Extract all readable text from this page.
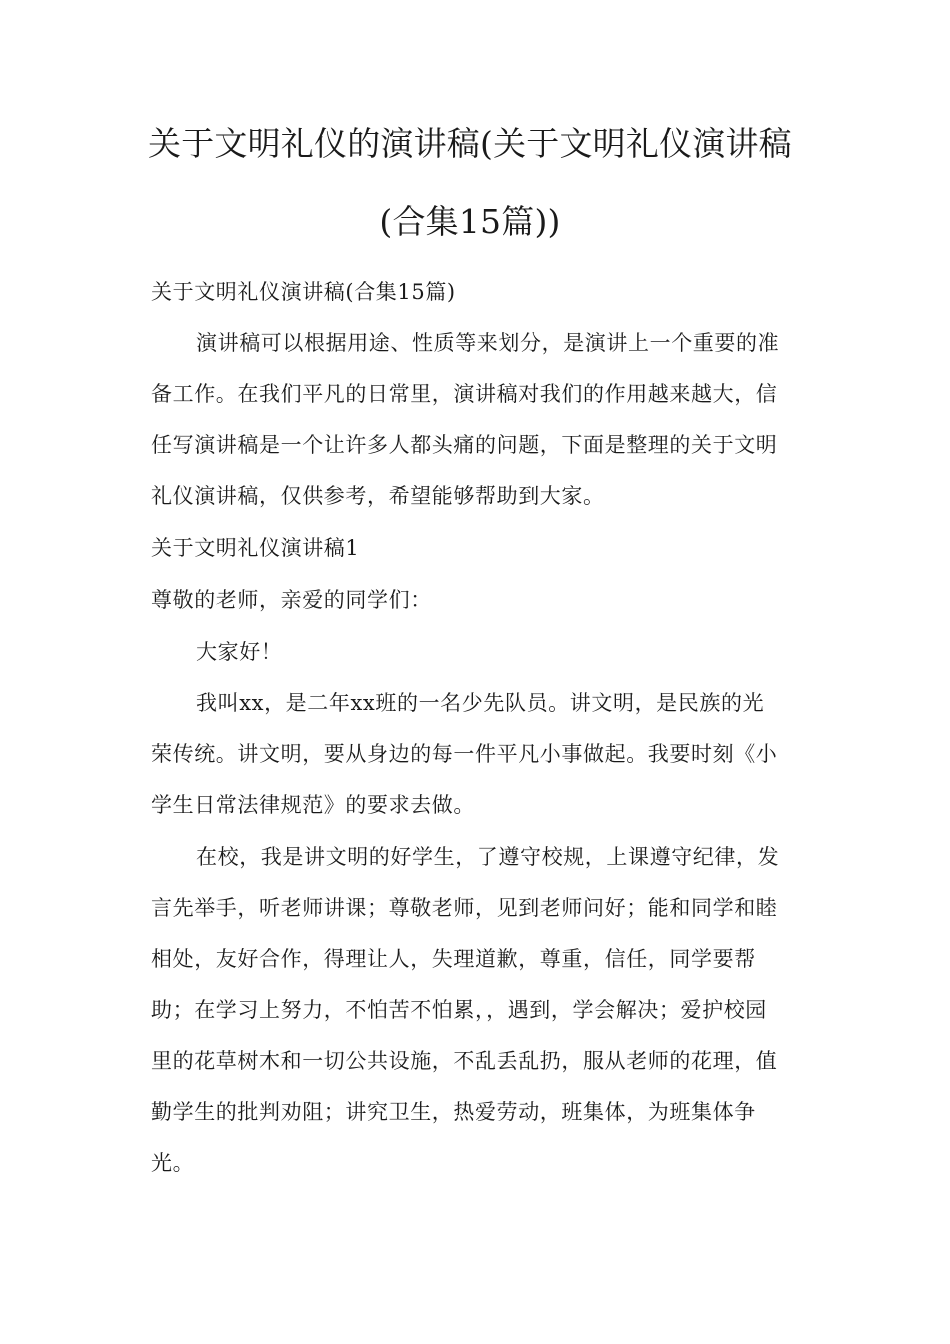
关于文明礼仪的演讲稿(关于文明礼仪演讲稿
(合集15篇))
关于文明礼仪演讲稿(合集15篇)
演讲稿可以根据用途、性质等来划分，是演讲上一个重要的准
备工作。在我们平凡的日常里，演讲稿对我们的作用越来越大，信
任写演讲稿是一个让许多人都头痛的问题，下面是整理的关于文明
礼仪演讲稿，仅供参考，希望能够帮助到大家。
关于文明礼仪演讲稿1
尊敬的老师，亲爱的同学们：
大家好！
我叫xx，是二年xx班的一名少先队员。讲文明，是民族的光
荣传统。讲文明，要从身边的每一件平凡小事做起。我要时刻《小
学生日常法律规范》的要求去做。
在校，我是讲文明的好学生，了遵守校规，上课遵守纪律，发
言先举手，听老师讲课；尊敬老师，见到老师问好；能和同学和睦
相处，友好合作，得理让人，失理道歉，尊重，信任，同学要帮
助；在学习上努力，不怕苦不怕累，，遇到，学会解决；爱护校园
里的花草树木和一切公共设施，不乱丢乱扔，服从老师的花理，值
勤学生的批判劝阻；讲究卫生，热爱劳动，班集体，为班集体争
光。
